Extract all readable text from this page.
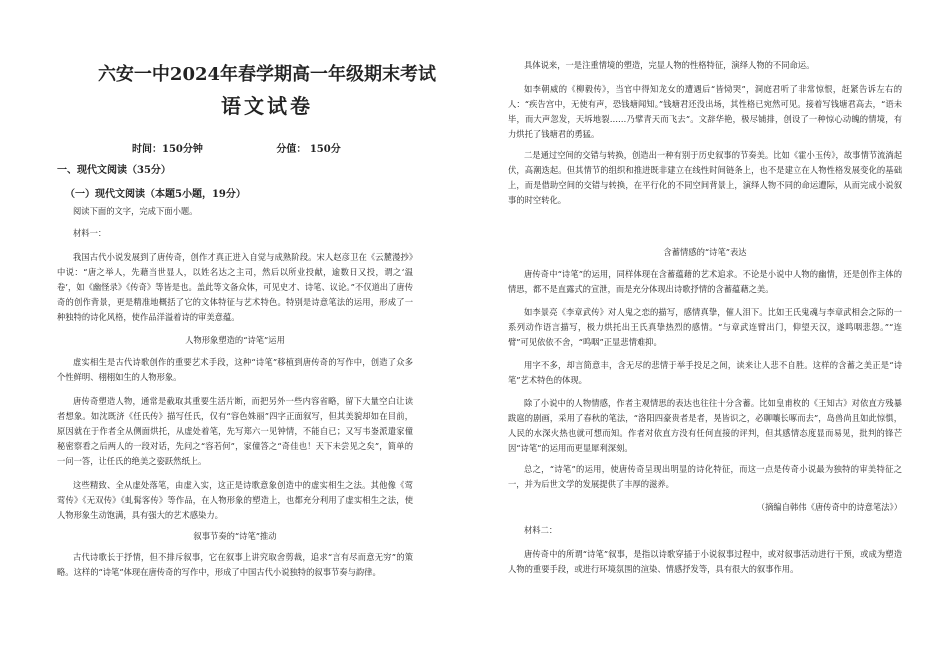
六安一中2024年春学期高一年级期末考试
语文试卷
时间：150分钟	分值： 150分
一、现代文阅读（35分）
（一）现代文阅读（本题5小题，19分）

阅读下面的文字，完成下面小题。

材料一：

我国古代小说发展到了唐传奇，创作才真正进入自觉与成熟阶段。宋人赵彦卫在《云麓漫抄》中说：“唐之举人，先藉当世显人，以姓名达之主司，然后以所业投献，逾数日又投，谓之‘温卷’，如《幽怪录》《传奇》等皆是也。盖此等文备众体，可见史才、诗笔、议论。”不仅道出了唐传奇的创作背景，更是精准地概括了它的文体特征与艺术特色。特别是诗意笔法的运用，形成了一种独特的诗化风格，使作品洋溢着诗的审美意蕴。

人物形象塑造的“诗笔”运用

虚实相生是古代诗歌创作的重要艺术手段，这种“诗笔”移植到唐传奇的写作中，创造了众多个性鲜明、栩栩如生的人物形象。

唐传奇塑造人物，通常是截取其重要生活片断，而把另外一些内容省略，留下大量空白让读者想象。如沈既济《任氏传》描写任氏，仅有“容色姝丽”四字正面叙写，但其美貌却如在目前，原因就在于作者全从侧面烘托，从虚处着笔，先写郑六一见钟情，不能自已；又写韦崟派遣家僮秘密察看之后两人的一段对话，先问之“容若何”，家僮答之“奇佳也！天下未尝见之矣”，简单的一问一答，让任氏的绝美之姿跃然纸上。

这些精致、全从虚处落笔，由虚入实，这正是诗歌意象创造中的虚实相生之法。其他像《莺莺传》《无双传》《虬髯客传》等作品，在人物形象的塑造上，也都充分利用了虚实相生之法，使人物形象生动饱满，具有强大的艺术感染力。

叙事节奏的“诗笔”推动

古代诗歌长于抒情，但不排斥叙事，它在叙事上讲究取舍剪裁，追求“言有尽而意无穷”的策略。这样的“诗笔”体现在唐传奇的写作中，形成了中国古代小说独特的叙事节奏与韵律。

具体说来，一是注重情境的塑造，完显人物的性格特征，演绎人物的不同命运。

如李朝威的《柳毅传》，当官中得知龙女的遭遇后“皆恸哭”，洞庭君听了非常惊恨，赶紧告诉左右的人：“疾告宫中，无使有声，恐钱塘闻知。”钱塘君还没出场，其性格已宛然可见。接着写钱塘君高去，“语未毕，而大声忽发，天坼地裂……乃擘青天而飞去”。文辞华艳，极尽铺排，创设了一种惊心动魄的情境，有力烘托了钱塘君的勇猛。

二是通过空间的交错与转换，创造出一种有别于历史叙事的节奏美。比如《霍小玉传》，故事情节流淌起伏，高潮迭起。但其情节的组织和推进既非建立在线性时间链条上，也不是建立在人物性格发展变化的基础上，而是借助空间的交错与转换，在平行化的不同空间背景上，演绎人物不同的命运遭际，从而完成小说叙事的时空转化。

含蓄情感的“诗笔”表达

唐传奇中“诗笔”的运用，同样体现在含蓄蕴藉的艺术追求。不论是小说中人物的幽情，还是创作主体的情思，都不是直露式的宣泄，而是充分体现出诗歌抒情的含蓄蕴藉之美。

如李景亮《李章武传》对人鬼之恋的描写，感情真挚，催人泪下。比如王氏鬼魂与李章武相会之际的一系列动作语言描写，极力烘托出王氏真挚热烈的感情。“与章武连臂出门，仰望天汉，遂鸣咽悲怨。”“连臂”可见依依不舍，“鸣咽”正显悲情难抑。

用字不多，却言简意丰，含无尽的悲情于举手投足之间，读来让人悲不自胜。这样的含蓄之美正是“诗笔”艺术特色的体现。

除了小说中的人物情感，作者主观情思的表达也往往十分含蓄。比如皇甫枚的《王知古》对依直方残暴跋扈的剧画，采用了春秋的笔法，“洛阳四豪贵者是者，晃皆识之，必聊嚷长啄而去”，岛兽尚且如此惊惧，人民的水深火热也就可想而知。作者对依直方没有任何直接的评判，但其感情态度显而易见，批判的锋芒因“诗笔”的运用而更显犀利深刻。

总之，“诗笔”的运用，使唐传奇呈现出明显的诗化特征，而这一点是传奇小说最为独特的审美特征之一，并为后世文学的发展提供了丰厚的滋养。

（摘编自韩伟《唐传奇中的诗意笔法》）

材料二：

唐传奇中的所谓“诗笔”叙事，是指以诗歌穿插于小说叙事过程中，或对叙事活动进行干预，或成为塑造人物的重要手段，或进行环境氛围的渲染、情感抒发等，具有很大的叙事作用。
